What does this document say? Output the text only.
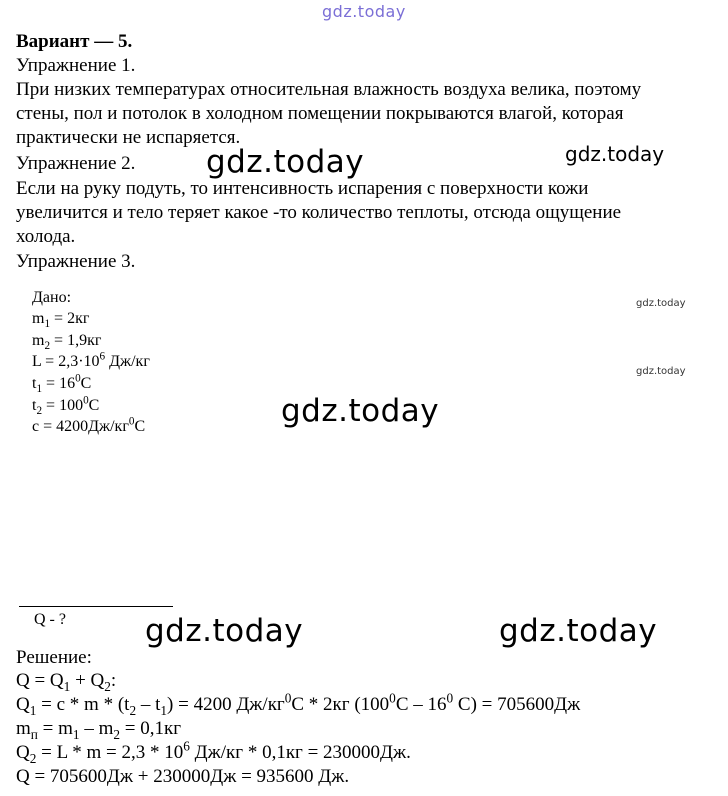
gdz.today
Вариант — 5.
Упражнение 1.
При низких температурах относительная влажность воздуха велика, поэтому
стены, пол и потолок в холодном помещении покрываются влагой, которая
практически не испаряется.
Упражнение 2.
Если на руку подуть, то интенсивность испарения с поверхности кожи
увеличится и тело теряет какое -то количество теплоты, отсюда ощущение
холода.
Упражнение 3.
Дано:
$m_1 = 2кг$
$m_2 = 1,9кг$
$L = 2,3\cdot 10^6$ Дж/кг
$t_1 = 16^0C$
$t_2 = 100^0C$
$c = 4200Дж/кг^0C$
Q - ?
Решение:
$Q = Q_1 + Q_2$:
$Q_1 = c * m * (t_2 - t_1) = 4200$ $Дж/кг^0C * 2кг$ ($100^0C - 16^0$ C) = 705600Дж
$m_п = m_1 - m_2 = 0,1кг$
$Q_2 = L * m = 2,3 * 10^6$ Дж/кг * 0,1кг = 230000Дж.
Q = 705600Дж + 230000Дж = 935600 Дж.
gdz.today	gdz.today
gdz.today
gdz.today
gdz.today
gdz.today	gdz.today
